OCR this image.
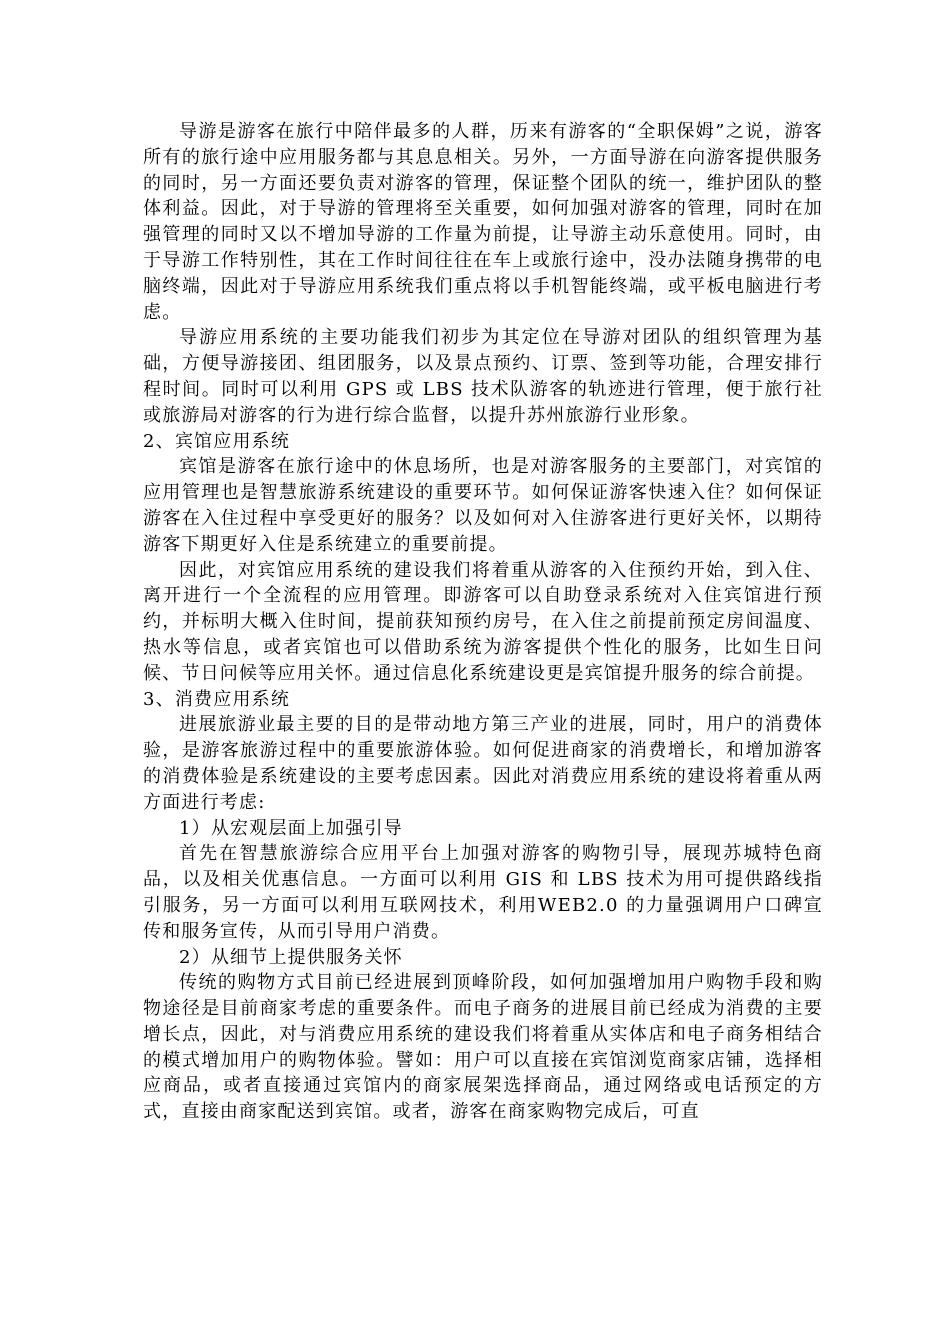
导游是游客在旅行中陪伴最多的人群，历来有游客的“全职保姆”之说，游客所有的旅行途中应用服务都与其息息相关。另外，一方面导游在向游客提供服务的同时，另一方面还要负责对游客的管理，保证整个团队的统一，维护团队的整体利益。因此，对于导游的管理将至关重要，如何加强对游客的管理，同时在加强管理的同时又以不增加导游的工作量为前提，让导游主动乐意使用。同时，由于导游工作特别性，其在工作时间往往在车上或旅行途中，没办法随身携带的电脑终端，因此对于导游应用系统我们重点将以手机智能终端，或平板电脑进行考虑。

导游应用系统的主要功能我们初步为其定位在导游对团队的组织管理为基础，方便导游接团、组团服务，以及景点预约、订票、签到等功能，合理安排行程时间。同时可以利用 GPS 或 LBS 技术队游客的轨迹进行管理，便于旅行社或旅游局对游客的行为进行综合监督，以提升苏州旅游行业形象。

2、宾馆应用系统

宾馆是游客在旅行途中的休息场所，也是对游客服务的主要部门，对宾馆的应用管理也是智慧旅游系统建设的重要环节。如何保证游客快速入住？如何保证游客在入住过程中享受更好的服务？以及如何对入住游客进行更好关怀，以期待游客下期更好入住是系统建立的重要前提。

因此，对宾馆应用系统的建设我们将着重从游客的入住预约开始，到入住、离开进行一个全流程的应用管理。即游客可以自助登录系统对入住宾馆进行预约，并标明大概入住时间，提前获知预约房号，在入住之前提前预定房间温度、热水等信息，或者宾馆也可以借助系统为游客提供个性化的服务，比如生日问候、节日问候等应用关怀。通过信息化系统建设更是宾馆提升服务的综合前提。

3、消费应用系统

进展旅游业最主要的目的是带动地方第三产业的进展，同时，用户的消费体验，是游客旅游过程中的重要旅游体验。如何促进商家的消费增长，和增加游客的消费体验是系统建设的主要考虑因素。因此对消费应用系统的建设将着重从两方面进行考虑:

1）从宏观层面上加强引导

首先在智慧旅游综合应用平台上加强对游客的购物引导，展现苏城特色商品，以及相关优惠信息。一方面可以利用 GIS 和 LBS 技术为用可提供路线指引服务，另一方面可以利用互联网技术，利用WEB2.0 的力量强调用户口碑宣传和服务宣传，从而引导用户消费。

2）从细节上提供服务关怀

传统的购物方式目前已经进展到顶峰阶段，如何加强增加用户购物手段和购物途径是目前商家考虑的重要条件。而电子商务的进展目前已经成为消费的主要增长点，因此，对与消费应用系统的建设我们将着重从实体店和电子商务相结合的模式增加用户的购物体验。譬如：用户可以直接在宾馆浏览商家店铺，选择相应商品，或者直接通过宾馆内的商家展架选择商品，通过网络或电话预定的方式，直接由商家配送到宾馆。或者，游客在商家购物完成后，可直
